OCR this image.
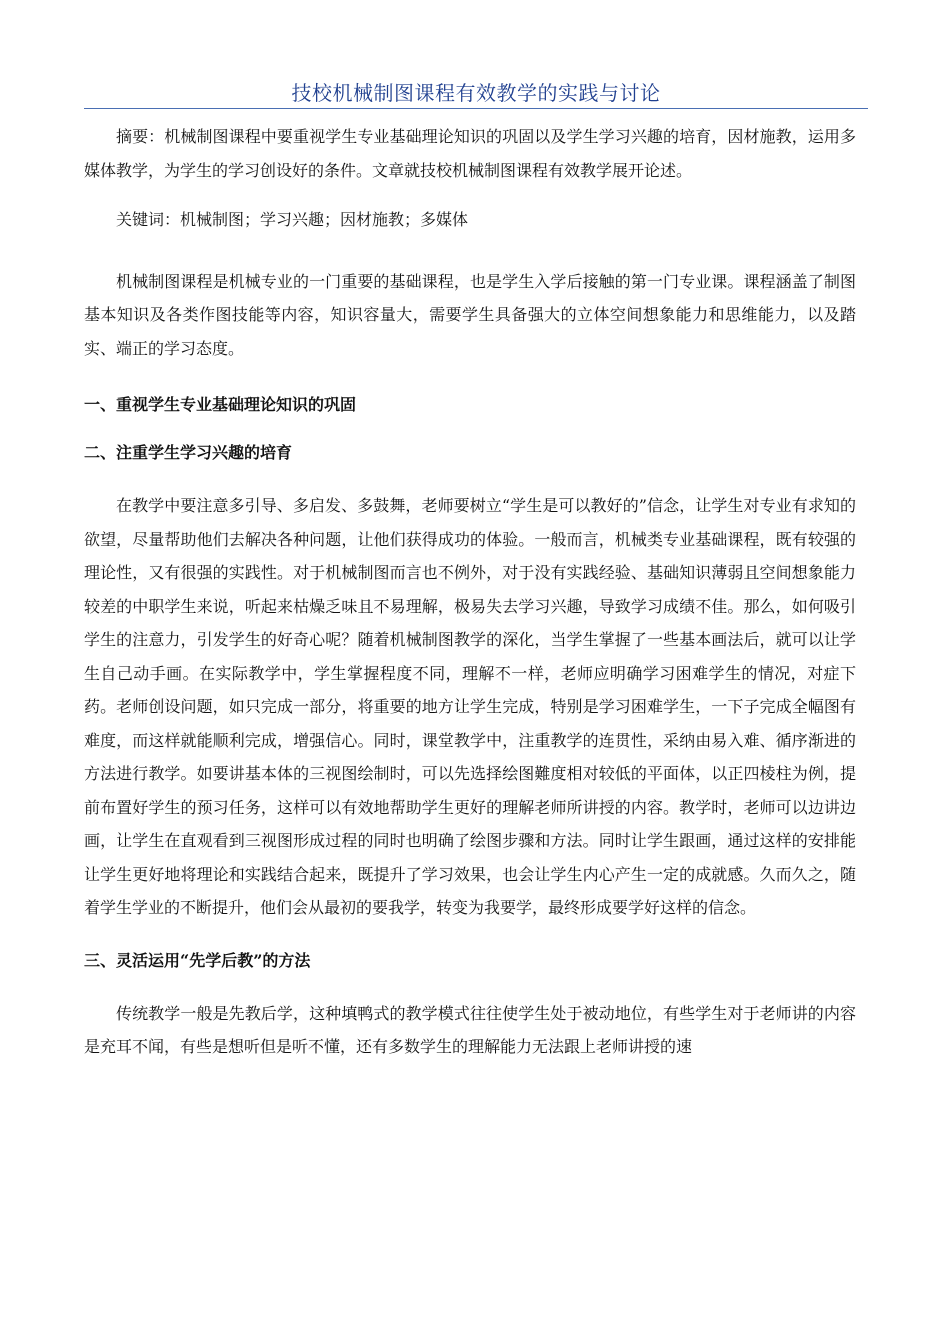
技校机械制图课程有效教学的实践与讨论

摘要：机械制图课程中要重视学生专业基础理论知识的巩固以及学生学习兴趣的培育，因材施教，运用多媒体教学，为学生的学习创设好的条件。文章就技校机械制图课程有效教学展开论述。

关键词：机械制图；学习兴趣；因材施教；多媒体

机械制图课程是机械专业的一门重要的基础课程，也是学生入学后接触的第一门专业课。课程涵盖了制图基本知识及各类作图技能等内容，知识容量大，需要学生具备强大的立体空间想象能力和思维能力，以及踏实、端正的学习态度。

一、重视学生专业基础理论知识的巩固

二、注重学生学习兴趣的培育

在教学中要注意多引导、多启发、多鼓舞，老师要树立“学生是可以教好的”信念，让学生对专业有求知的欲望，尽量帮助他们去解决各种问题，让他们获得成功的体验。一般而言，机械类专业基础课程，既有较强的理论性，又有很强的实践性。对于机械制图而言也不例外，对于没有实践经验、基础知识薄弱且空间想象能力较差的中职学生来说，听起来枯燥乏味且不易理解，极易失去学习兴趣，导致学习成绩不佳。那么，如何吸引学生的注意力，引发学生的好奇心呢？随着机械制图教学的深化，当学生掌握了一些基本画法后，就可以让学生自己动手画。在实际教学中，学生掌握程度不同，理解不一样，老师应明确学习困难学生的情况，对症下药。老师创设问题，如只完成一部分，将重要的地方让学生完成，特别是学习困难学生，一下子完成全幅图有难度，而这样就能顺利完成，增强信心。同时，课堂教学中，注重教学的连贯性，采纳由易入难、循序渐进的方法进行教学。如要讲基本体的三视图绘制时，可以先选择绘图難度相对较低的平面体，以正四棱柱为例，提前布置好学生的预习任务，这样可以有效地帮助学生更好的理解老师所讲授的内容。教学时，老师可以边讲边画，让学生在直观看到三视图形成过程的同时也明确了绘图步骤和方法。同时让学生跟画，通过这样的安排能让学生更好地将理论和实践结合起来，既提升了学习效果，也会让学生内心产生一定的成就感。久而久之，随着学生学业的不断提升，他们会从最初的要我学，转变为我要学，最终形成要学好这样的信念。

三、灵活运用“先学后教”的方法

传统教学一般是先教后学，这种填鸭式的教学模式往往使学生处于被动地位，有些学生对于老师讲的内容是充耳不闻，有些是想听但是听不懂，还有多数学生的理解能力无法跟上老师讲授的速
